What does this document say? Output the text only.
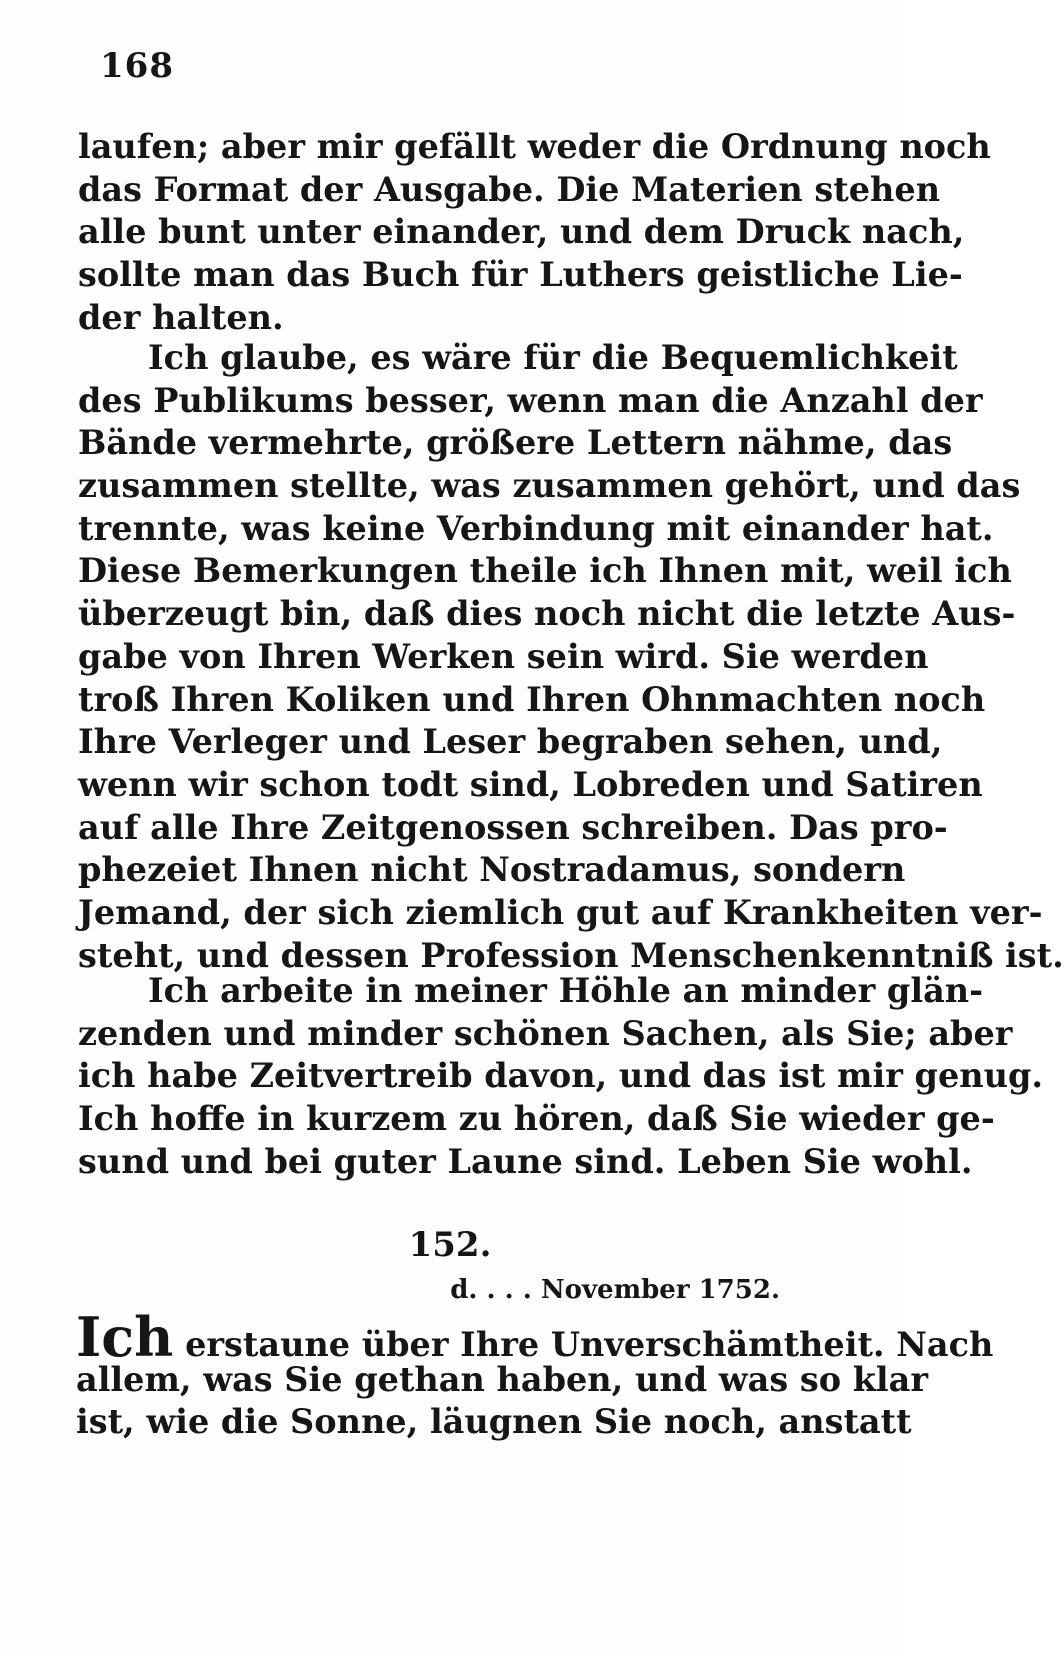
168
laufen; aber mir gefällt weder die Ordnung noch
das Format der Ausgabe. Die Materien stehen
alle bunt unter einander, und dem Druck nach,
sollte man das Buch für Luthers geistliche Lie-
der halten.
Ich glaube, es wäre für die Bequemlichkeit
des Publikums besser, wenn man die Anzahl der
Bände vermehrte, größere Lettern nähme, das
zusammen stellte, was zusammen gehört, und das
trennte, was keine Verbindung mit einander hat.
Diese Bemerkungen theile ich Ihnen mit, weil ich
überzeugt bin, daß dies noch nicht die letzte Aus-
gabe von Ihren Werken sein wird. Sie werden
troß Ihren Koliken und Ihren Ohnmachten noch
Ihre Verleger und Leser begraben sehen, und,
wenn wir schon todt sind, Lobreden und Satiren
auf alle Ihre Zeitgenossen schreiben. Das pro-
phezeiet Ihnen nicht Nostradamus, sondern
Jemand, der sich ziemlich gut auf Krankheiten ver-
steht, und dessen Profession Menschenkenntniß ist.
Ich arbeite in meiner Höhle an minder glän-
zenden und minder schönen Sachen, als Sie; aber
ich habe Zeitvertreib davon, und das ist mir genug.
Ich hoffe in kurzem zu hören, daß Sie wieder ge-
sund und bei guter Laune sind. Leben Sie wohl.
152.
d. . . . November 1752.
Ich erstaune über Ihre Unverschämtheit. Nach
allem, was Sie gethan haben, und was so klar
ist, wie die Sonne, läugnen Sie noch, anstatt
